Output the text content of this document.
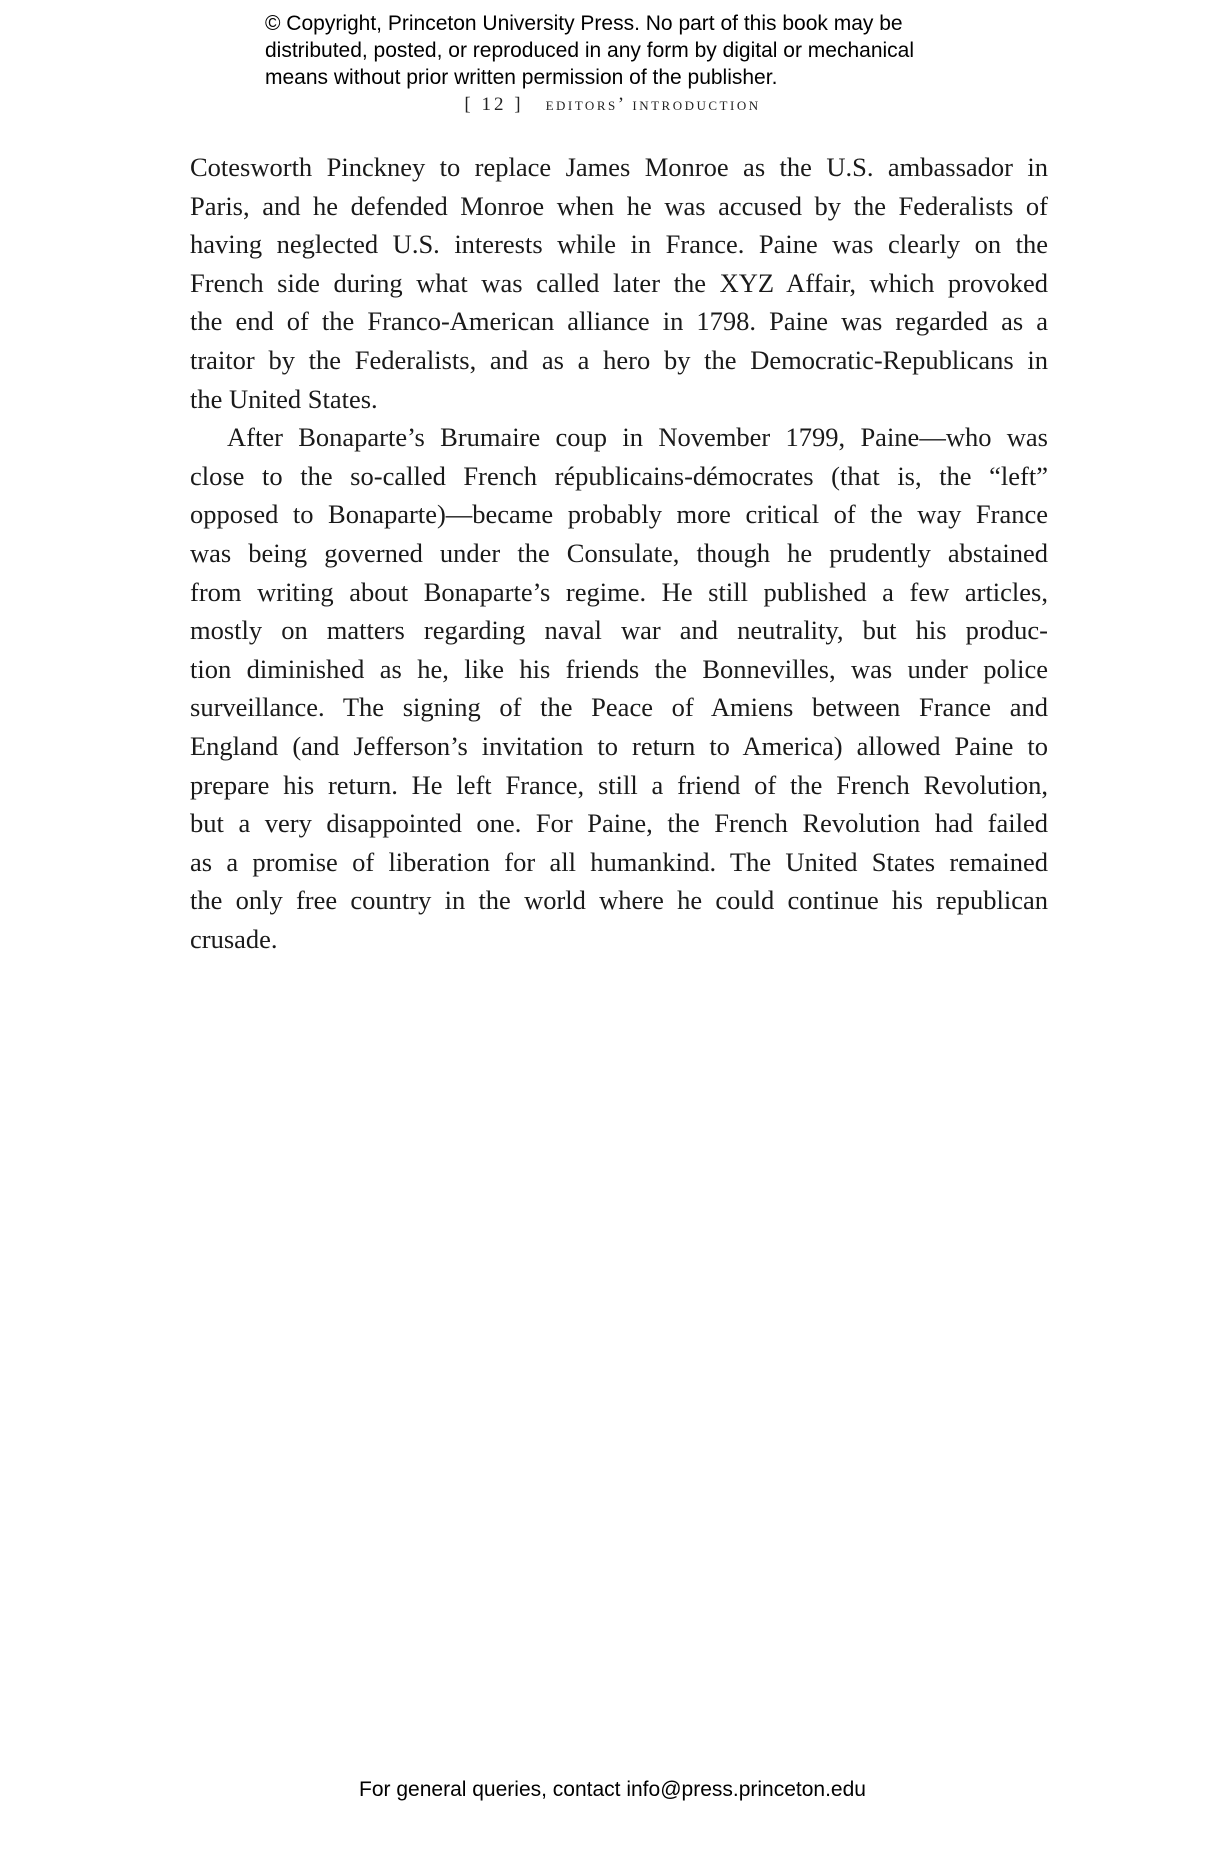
© Copyright, Princeton University Press. No part of this book may be
distributed, posted, or reproduced in any form by digital or mechanical
means without prior written permission of the publisher.
[ 12 ] editors’ introduction
Cotesworth Pinckney to replace James Monroe as the U.S. ambassador in
Paris, and he defended Monroe when he was accused by the Federalists of
having neglected U.S. interests while in France. Paine was clearly on the
French side during what was called later the XYZ Affair, which provoked
the end of the Franco-American alliance in 1798. Paine was regarded as a
traitor by the Federalists, and as a hero by the Democratic-Republicans in
the United States.
After Bonaparte’s Brumaire coup in November 1799, Paine—who was
close to the so-called French républicains-démocrates (that is, the “left”
opposed to Bonaparte)—became probably more critical of the way France
was being governed under the Consulate, though he prudently abstained
from writing about Bonaparte’s regime. He still published a few articles,
mostly on matters regarding naval war and neutrality, but his produc-
tion diminished as he, like his friends the Bonnevilles, was under police
surveillance. The signing of the Peace of Amiens between France and
England (and Jefferson’s invitation to return to America) allowed Paine to
prepare his return. He left France, still a friend of the French Revolution,
but a very disappointed one. For Paine, the French Revolution had failed
as a promise of liberation for all humankind. The United States remained
the only free country in the world where he could continue his republican
crusade.
For general queries, contact info@press.princeton.edu
